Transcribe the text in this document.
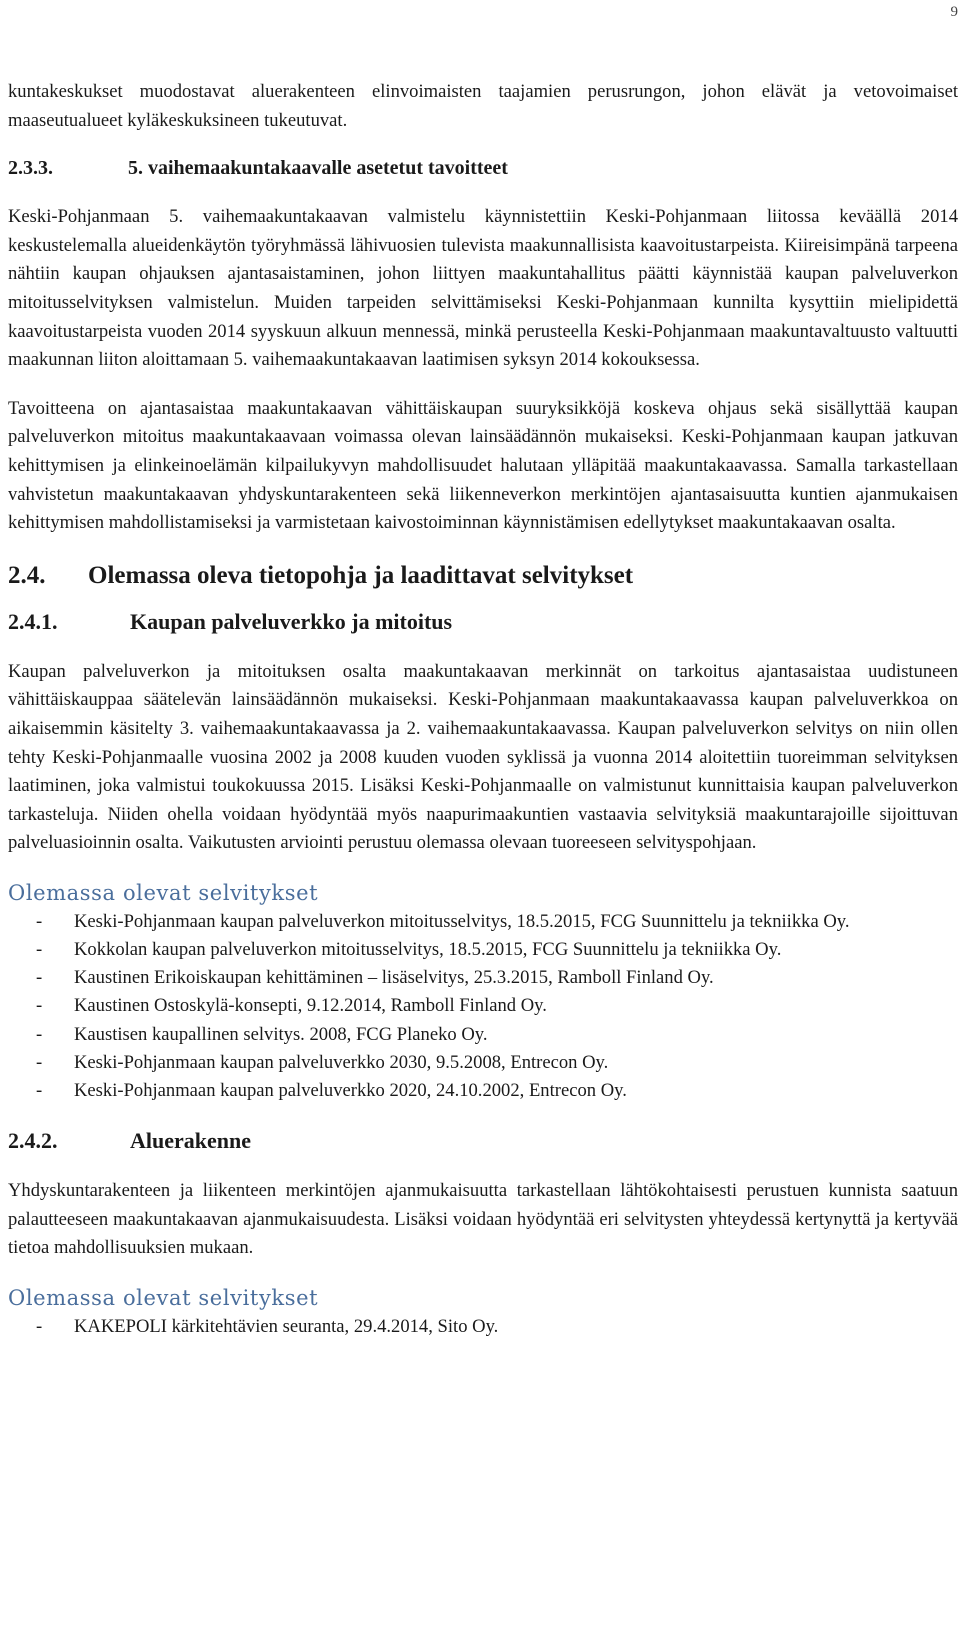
9

kuntakeskukset muodostavat aluerakenteen elinvoimaisten taajamien perusrungon, johon elävät ja vetovoimaiset maaseutualueet kyläkeskuksineen tukeutuvat.

2.3.3.	5. vaihemaakuntakaavalle asetetut tavoitteet

Keski-Pohjanmaan 5. vaihemaakuntakaavan valmistelu käynnistettiin Keski-Pohjanmaan liitossa keväällä 2014 keskustelemalla alueidenkäytön työryhmässä lähivuosien tulevista maakunnallisista kaavoitustarpeista. Kiireisimpänä tarpeena nähtiin kaupan ohjauksen ajantasaistaminen, johon liittyen maakuntahallitus päätti käynnistää kaupan palveluverkon mitoitusselvityksen valmistelun. Muiden tarpeiden selvittämiseksi Keski-Pohjanmaan kunnilta kysyttiin mielipidettä kaavoitustarpeista vuoden 2014 syyskuun alkuun mennessä, minkä perusteella Keski-Pohjanmaan maakuntavaltuusto valtuutti maakunnan liiton aloittamaan 5. vaihemaakuntakaavan laatimisen syksyn 2014 kokouksessa.

Tavoitteena on ajantasaistaa maakuntakaavan vähittäiskaupan suuryksikköjä koskeva ohjaus sekä sisällyttää kaupan palveluverkon mitoitus maakuntakaavaan voimassa olevan lainsäädännön mukaiseksi. Keski-Pohjanmaan kaupan jatkuvan kehittymisen ja elinkeinoelämän kilpailukyvyn mahdollisuudet halutaan ylläpitää maakuntakaavassa. Samalla tarkastellaan vahvistetun maakuntakaavan yhdyskuntarakenteen sekä liikenneverkon merkintöjen ajantasaisuutta kuntien ajanmukaisen kehittymisen mahdollistamiseksi ja varmistetaan kaivostoiminnan käynnistämisen edellytykset maakuntakaavan osalta.

2.4.	Olemassa oleva tietopohja ja laadittavat selvitykset
2.4.1.	Kaupan palveluverkko ja mitoitus

Kaupan palveluverkon ja mitoituksen osalta maakuntakaavan merkinnät on tarkoitus ajantasaistaa uudistuneen vähittäiskauppaa säätelevän lainsäädännön mukaiseksi. Keski-Pohjanmaan maakuntakaavassa kaupan palveluverkkoa on aikaisemmin käsitelty 3. vaihemaakuntakaavassa ja 2. vaihemaakuntakaavassa. Kaupan palveluverkon selvitys on niin ollen tehty Keski-Pohjanmaalle vuosina 2002 ja 2008 kuuden vuoden syklissä ja vuonna 2014 aloitettiin tuoreimman selvityksen laatiminen, joka valmistui toukokuussa 2015. Lisäksi Keski-Pohjanmaalle on valmistunut kunnittaisia kaupan palveluverkon tarkasteluja. Niiden ohella voidaan hyödyntää myös naapurimaakuntien vastaavia selvityksiä maakuntarajoille sijoittuvan palveluasioinnin osalta. Vaikutusten arviointi perustuu olemassa olevaan tuoreeseen selvityspohjaan.

Olemassa olevat selvitykset
-	Keski-Pohjanmaan kaupan palveluverkon mitoitusselvitys, 18.5.2015, FCG Suunnittelu ja tekniikka Oy.
-	Kokkolan kaupan palveluverkon mitoitusselvitys, 18.5.2015, FCG Suunnittelu ja tekniikka Oy.
-	Kaustinen Erikoiskaupan kehittäminen – lisäselvitys, 25.3.2015, Ramboll Finland Oy.
-	Kaustinen Ostoskylä-konsepti, 9.12.2014, Ramboll Finland Oy.
-	Kaustisen kaupallinen selvitys. 2008, FCG Planeko Oy.
-	Keski-Pohjanmaan kaupan palveluverkko 2030, 9.5.2008, Entrecon Oy.
-	Keski-Pohjanmaan kaupan palveluverkko 2020, 24.10.2002, Entrecon Oy.
2.4.2.	Aluerakenne

Yhdyskuntarakenteen ja liikenteen merkintöjen ajanmukaisuutta tarkastellaan lähtökohtaisesti perustuen kunnista saatuun palautteeseen maakuntakaavan ajanmukaisuudesta. Lisäksi voidaan hyödyntää eri selvitysten yhteydessä kertynyttä ja kertyvää tietoa mahdollisuuksien mukaan.

Olemassa olevat selvitykset
-	KAKEPOLI kärkitehtävien seuranta, 29.4.2014, Sito Oy.
